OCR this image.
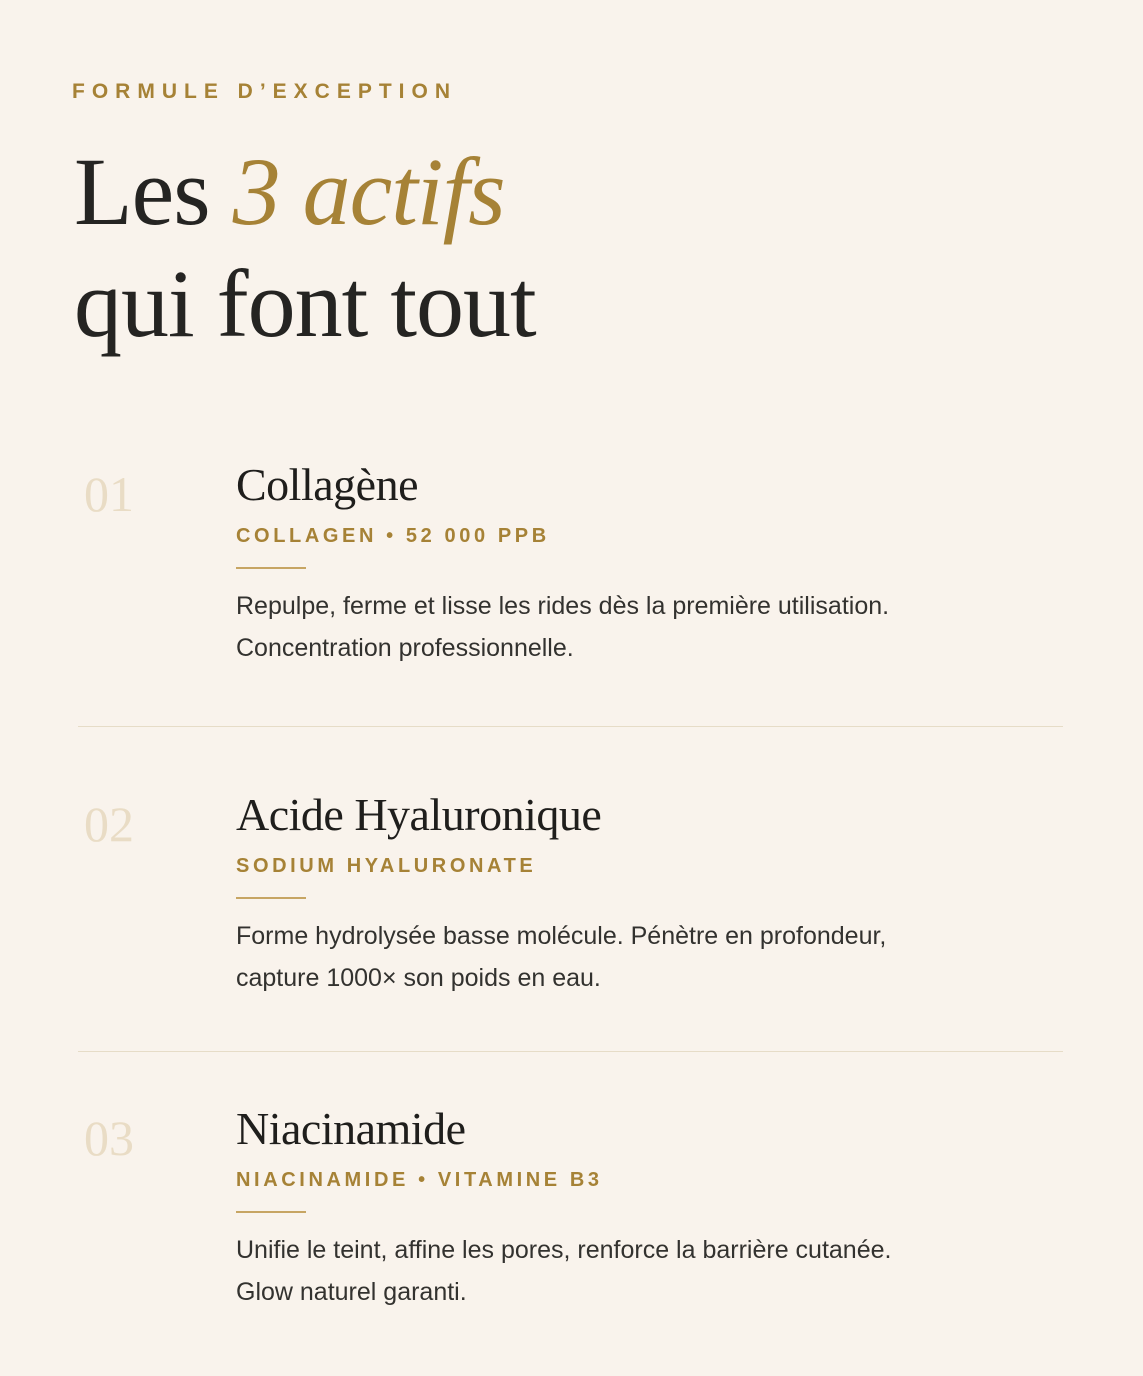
FORMULE D’EXCEPTION
Les 3 actifs
qui font tout
01 Collagène
COLLAGEN • 52 000 PPB
Repulpe, ferme et lisse les rides dès la première utilisation.
Concentration professionnelle.
02 Acide Hyaluronique
SODIUM HYALURONATE
Forme hydrolysée basse molécule. Pénètre en profondeur,
capture 1000× son poids en eau.
03 Niacinamide
NIACINAMIDE • VITAMINE B3
Unifie le teint, affine les pores, renforce la barrière cutanée.
Glow naturel garanti.
